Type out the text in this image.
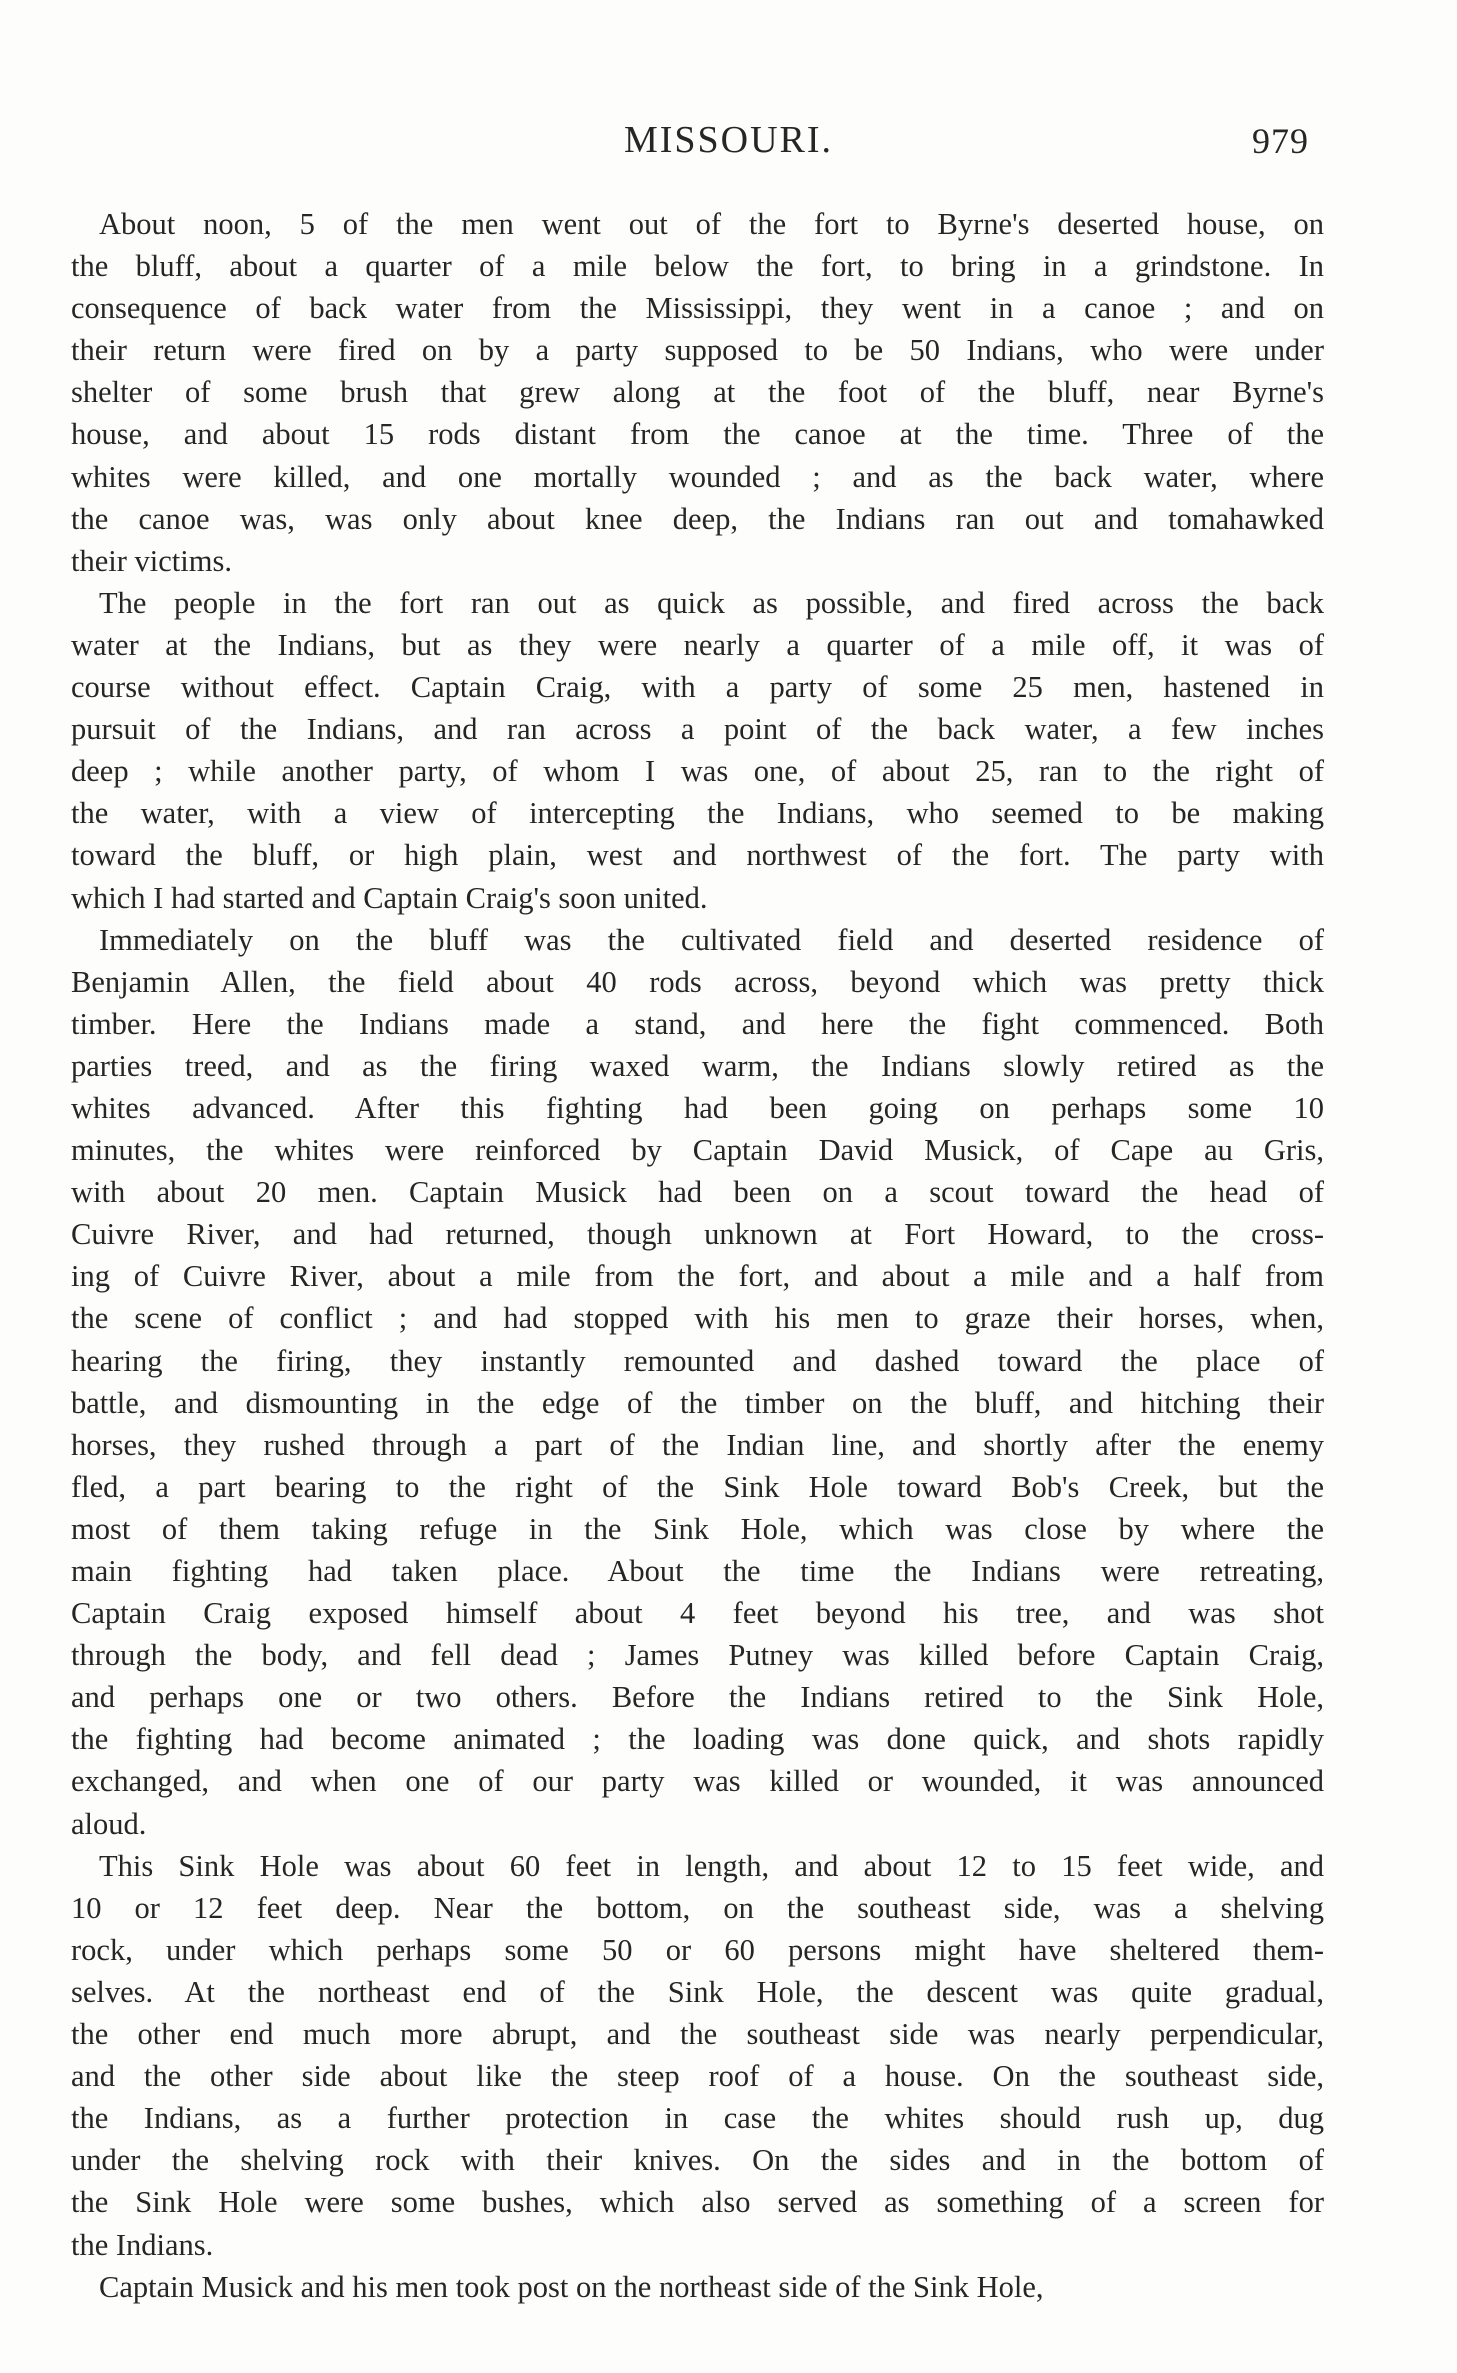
MISSOURI.	979
About noon, 5 of the men went out of the fort to Byrne's deserted house, on
the bluff, about a quarter of a mile below the fort, to bring in a grindstone. In
consequence of back water from the Mississippi, they went in a canoe ; and on
their return were fired on by a party supposed to be 50 Indians, who were under
shelter of some brush that grew along at the foot of the bluff, near Byrne's
house, and about 15 rods distant from the canoe at the time. Three of the
whites were killed, and one mortally wounded ; and as the back water, where
the canoe was, was only about knee deep, the Indians ran out and tomahawked
their victims.
The people in the fort ran out as quick as possible, and fired across the back
water at the Indians, but as they were nearly a quarter of a mile off, it was of
course without effect. Captain Craig, with a party of some 25 men, hastened in
pursuit of the Indians, and ran across a point of the back water, a few inches
deep ; while another party, of whom I was one, of about 25, ran to the right of
the water, with a view of intercepting the Indians, who seemed to be making
toward the bluff, or high plain, west and northwest of the fort. The party with
which I had started and Captain Craig's soon united.
Immediately on the bluff was the cultivated field and deserted residence of
Benjamin Allen, the field about 40 rods across, beyond which was pretty thick
timber. Here the Indians made a stand, and here the fight commenced. Both
parties treed, and as the firing waxed warm, the Indians slowly retired as the
whites advanced. After this fighting had been going on perhaps some 10
minutes, the whites were reinforced by Captain David Musick, of Cape au Gris,
with about 20 men. Captain Musick had been on a scout toward the head of
Cuivre River, and had returned, though unknown at Fort Howard, to the cross-
ing of Cuivre River, about a mile from the fort, and about a mile and a half from
the scene of conflict ; and had stopped with his men to graze their horses, when,
hearing the firing, they instantly remounted and dashed toward the place of
battle, and dismounting in the edge of the timber on the bluff, and hitching their
horses, they rushed through a part of the Indian line, and shortly after the enemy
fled, a part bearing to the right of the Sink Hole toward Bob's Creek, but the
most of them taking refuge in the Sink Hole, which was close by where the
main fighting had taken place. About the time the Indians were retreating,
Captain Craig exposed himself about 4 feet beyond his tree, and was shot
through the body, and fell dead ; James Putney was killed before Captain Craig,
and perhaps one or two others. Before the Indians retired to the Sink Hole,
the fighting had become animated ; the loading was done quick, and shots rapidly
exchanged, and when one of our party was killed or wounded, it was announced
aloud.
This Sink Hole was about 60 feet in length, and about 12 to 15 feet wide, and
10 or 12 feet deep. Near the bottom, on the southeast side, was a shelving
rock, under which perhaps some 50 or 60 persons might have sheltered them-
selves. At the northeast end of the Sink Hole, the descent was quite gradual,
the other end much more abrupt, and the southeast side was nearly perpendicular,
and the other side about like the steep roof of a house. On the southeast side,
the Indians, as a further protection in case the whites should rush up, dug
under the shelving rock with their knives. On the sides and in the bottom of
the Sink Hole were some bushes, which also served as something of a screen for
the Indians.
Captain Musick and his men took post on the northeast side of the Sink Hole,
